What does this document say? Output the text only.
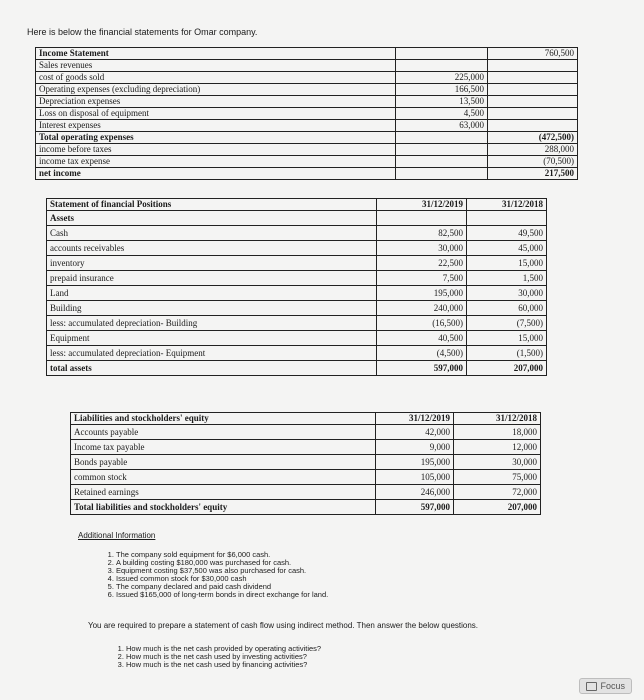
Here is below the financial statements for Omar company.
Income Statement		760,500
Sales revenues		
cost of goods sold	225,000	
Operating expenses (excluding depreciation)	166,500	
Depreciation expenses	13,500	
Loss on disposal of equipment	4,500	
Interest expenses	63,000	
Total operating expenses		(472,500)
income before taxes		288,000
income tax expense		(70,500)
net income		217,500
Statement of financial Positions	31/12/2019	31/12/2018
Assets		
Cash	82,500	49,500
accounts receivables	30,000	45,000
inventory	22,500	15,000
prepaid insurance	7,500	1,500
Land	195,000	30,000
Building	240,000	60,000
less: accumulated depreciation- Building	(16,500)	(7,500)
Equipment	40,500	15,000
less: accumulated depreciation- Equipment	(4,500)	(1,500)
total assets	597,000	207,000
Liabilities and stockholders' equity	31/12/2019	31/12/2018
Accounts payable	42,000	18,000
Income tax payable	9,000	12,000
Bonds payable	195,000	30,000
common stock	105,000	75,000
Retained earnings	246,000	72,000
Total liabilities and stockholders' equity	597,000	207,000
Additional Information
1. The company sold equipment for $6,000 cash.
2. A building costing $180,000 was purchased for cash.
3. Equipment costing $37,500 was also purchased for cash.
4. Issued common stock for $30,000 cash
5. The company declared and paid cash dividend
6. Issued $165,000 of long-term bonds in direct exchange for land.
You are required to prepare a statement of cash flow using indirect method. Then answer the below questions.
1. How much is the net cash provided by operating activities?
2. How much is the net cash used by investing activities?
3. How much is the net cash used by financing activities?
Focus
